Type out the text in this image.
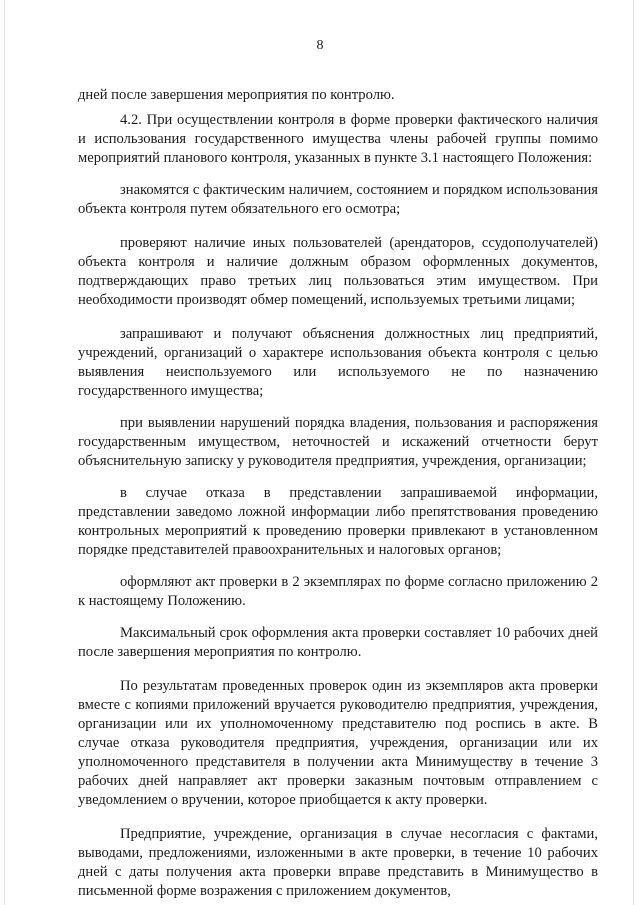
8

дней после завершения мероприятия по контролю.

4.2. При осуществлении контроля в форме проверки фактического наличия и использования государственного имущества члены рабочей группы помимо мероприятий планового контроля, указанных в пункте 3.1 настоящего Положения:

знакомятся с фактическим наличием, состоянием и порядком использования объекта контроля путем обязательного его осмотра;

проверяют наличие иных пользователей (арендаторов, ссудополучателей) объекта контроля и наличие должным образом оформленных документов, подтверждающих право третьих лиц пользоваться этим имуществом. При необходимости производят обмер помещений, используемых третьими лицами;

запрашивают и получают объяснения должностных лиц предприятий, учреждений, организаций о характере использования объекта контроля с целью выявления неиспользуемого или используемого не по назначению государственного имущества;

при выявлении нарушений порядка владения, пользования и распоряжения государственным имуществом, неточностей и искажений отчетности берут объяснительную записку у руководителя предприятия, учреждения, организации;

в случае отказа в представлении запрашиваемой информации, представлении заведомо ложной информации либо препятствования проведению контрольных мероприятий к проведению проверки привлекают в установленном порядке представителей правоохранительных и налоговых органов;

оформляют акт проверки в 2 экземплярах по форме согласно приложению 2 к настоящему Положению.

Максимальный срок оформления акта проверки составляет 10 рабочих дней после завершения мероприятия по контролю.

По результатам проведенных проверок один из экземпляров акта проверки вместе с копиями приложений вручается руководителю предприятия, учреждения, организации или их уполномоченному представителю под роспись в акте. В случае отказа руководителя предприятия, учреждения, организации или их уполномоченного представителя в получении акта Минимуществу в течение 3 рабочих дней направляет акт проверки заказным почтовым отправлением с уведомлением о вручении, которое приобщается к акту проверки.

Предприятие, учреждение, организация в случае несогласия с фактами, выводами, предложениями, изложенными в акте проверки, в течение 10 рабочих дней с даты получения акта проверки вправе представить в Минимущество в письменной форме возражения с приложением документов,
